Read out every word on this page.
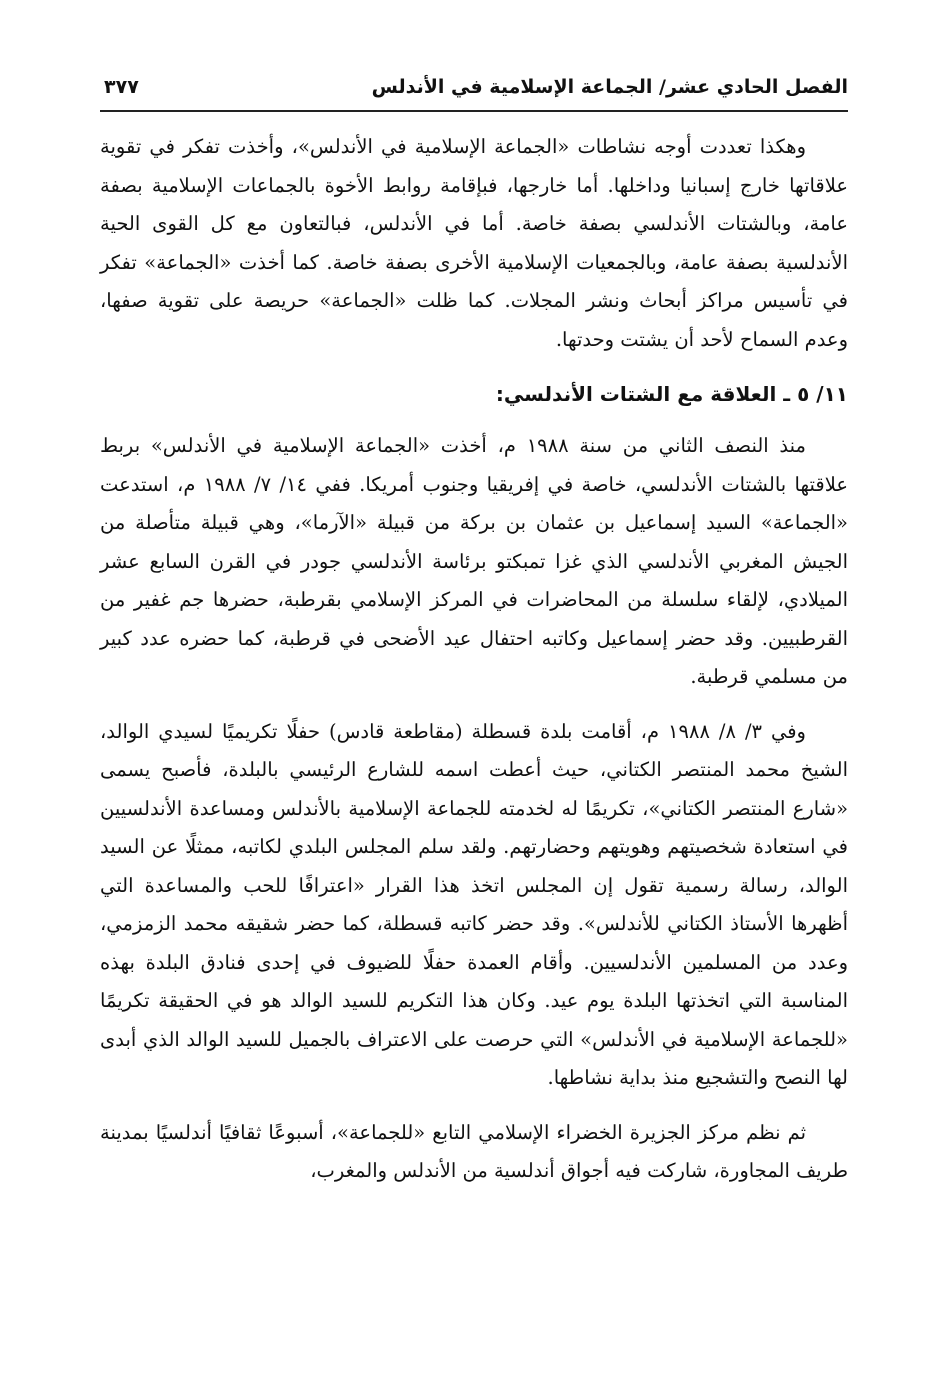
الفصل الحادي عشر/ الجماعة الإسلامية في الأندلس
٣٧٧

وهكذا تعددت أوجه نشاطات «الجماعة الإسلامية في الأندلس»، وأخذت تفكر في تقوية علاقاتها خارج إسبانيا وداخلها. أما خارجها، فبإقامة روابط الأخوة بالجماعات الإسلامية بصفة عامة، وبالشتات الأندلسي بصفة خاصة. أما في الأندلس، فبالتعاون مع كل القوى الحية الأندلسية بصفة عامة، وبالجمعيات الإسلامية الأخرى بصفة خاصة. كما أخذت «الجماعة» تفكر في تأسيس مراكز أبحاث ونشر المجلات. كما ظلت «الجماعة» حريصة على تقوية صفها، وعدم السماح لأحد أن يشتت وحدتها.

١١/ ٥ ـ العلاقة مع الشتات الأندلسي:

منذ النصف الثاني من سنة ١٩٨٨ م، أخذت «الجماعة الإسلامية في الأندلس» بربط علاقتها بالشتات الأندلسي، خاصة في إفريقيا وجنوب أمريكا. ففي ١٤/ ٧/ ١٩٨٨ م، استدعت «الجماعة» السيد إسماعيل بن عثمان بن بركة من قبيلة «الآرما»، وهي قبيلة متأصلة من الجيش المغربي الأندلسي الذي غزا تمبكتو برئاسة الأندلسي جودر في القرن السابع عشر الميلادي، لإلقاء سلسلة من المحاضرات في المركز الإسلامي بقرطبة، حضرها جم غفير من القرطبيين. وقد حضر إسماعيل وكاتبه احتفال عيد الأضحى في قرطبة، كما حضره عدد كبير من مسلمي قرطبة.

وفي ٣/ ٨/ ١٩٨٨ م، أقامت بلدة قسطلة (مقاطعة قادس) حفلًا تكريميًا لسيدي الوالد، الشيخ محمد المنتصر الكتاني، حيث أعطت اسمه للشارع الرئيسي بالبلدة، فأصبح يسمى «شارع المنتصر الكتاني»، تكريمًا له لخدمته للجماعة الإسلامية بالأندلس ومساعدة الأندلسيين في استعادة شخصيتهم وهويتهم وحضارتهم. ولقد سلم المجلس البلدي لكاتبه، ممثلًا عن السيد الوالد، رسالة رسمية تقول إن المجلس اتخذ هذا القرار «اعترافًا للحب والمساعدة التي أظهرها الأستاذ الكتاني للأندلس». وقد حضر كاتبه قسطلة، كما حضر شقيقه محمد الزمزمي، وعدد من المسلمين الأندلسيين. وأقام العمدة حفلًا للضيوف في إحدى فنادق البلدة بهذه المناسبة التي اتخذتها البلدة يوم عيد. وكان هذا التكريم للسيد الوالد هو في الحقيقة تكريمًا «للجماعة الإسلامية في الأندلس» التي حرصت على الاعتراف بالجميل للسيد الوالد الذي أبدى لها النصح والتشجيع منذ بداية نشاطها.

ثم نظم مركز الجزيرة الخضراء الإسلامي التابع «للجماعة»، أسبوعًا ثقافيًا أندلسيًا بمدينة طريف المجاورة، شاركت فيه أجواق أندلسية من الأندلس والمغرب،
